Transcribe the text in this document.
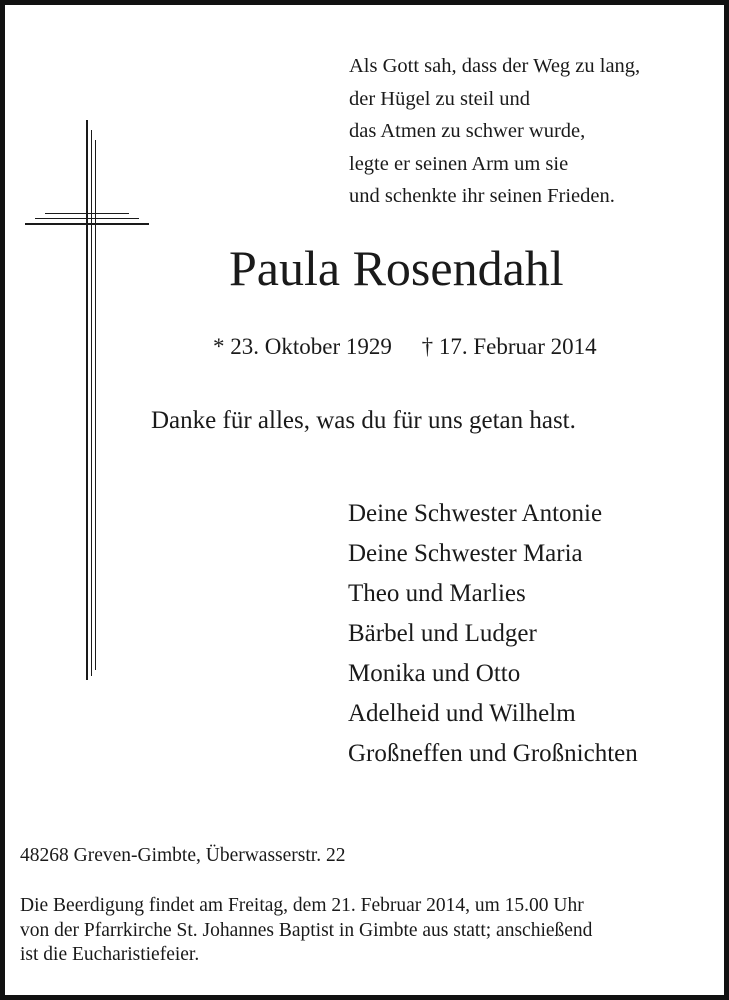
Als Gott sah, dass der Weg zu lang,
der Hügel zu steil und
das Atmen zu schwer wurde,
legte er seinen Arm um sie
und schenkte ihr seinen Frieden.
Paula Rosendahl
* 23. Oktober 1929 † 17. Februar 2014
Danke für alles, was du für uns getan hast.
Deine Schwester Antonie
Deine Schwester Maria
Theo und Marlies
Bärbel und Ludger
Monika und Otto
Adelheid und Wilhelm
Großneffen und Großnichten
48268 Greven-Gimbte, Überwasserstr. 22
Die Beerdigung findet am Freitag, dem 21. Februar 2014, um 15.00 Uhr
von der Pfarrkirche St. Johannes Baptist in Gimbte aus statt; anschießend
ist die Eucharistiefeier.
